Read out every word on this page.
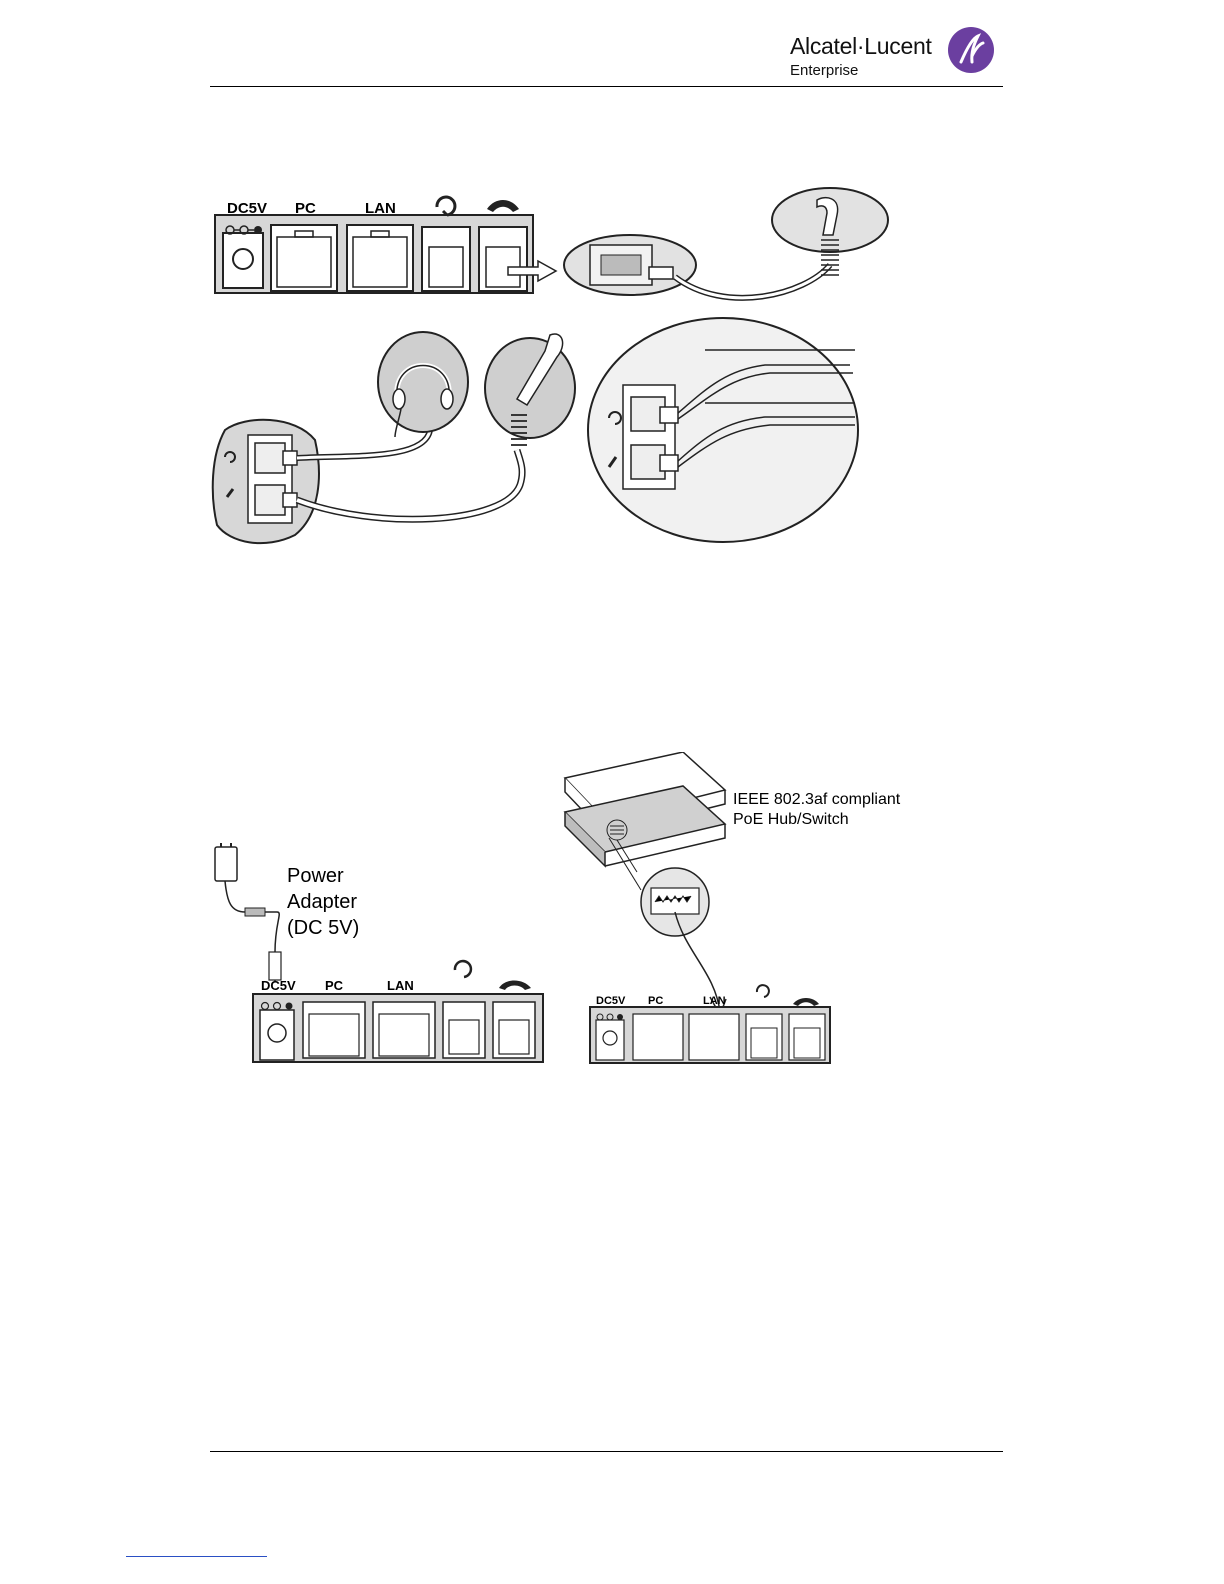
Alcatel·Lucent
Enterprise
DC5V PC	LAN
Power
Adapter
(DC 5V)
DC5V PC	LAN
IEEE 802.3af compliant
PoE Hub/Switch
DC5V PC	LAN
